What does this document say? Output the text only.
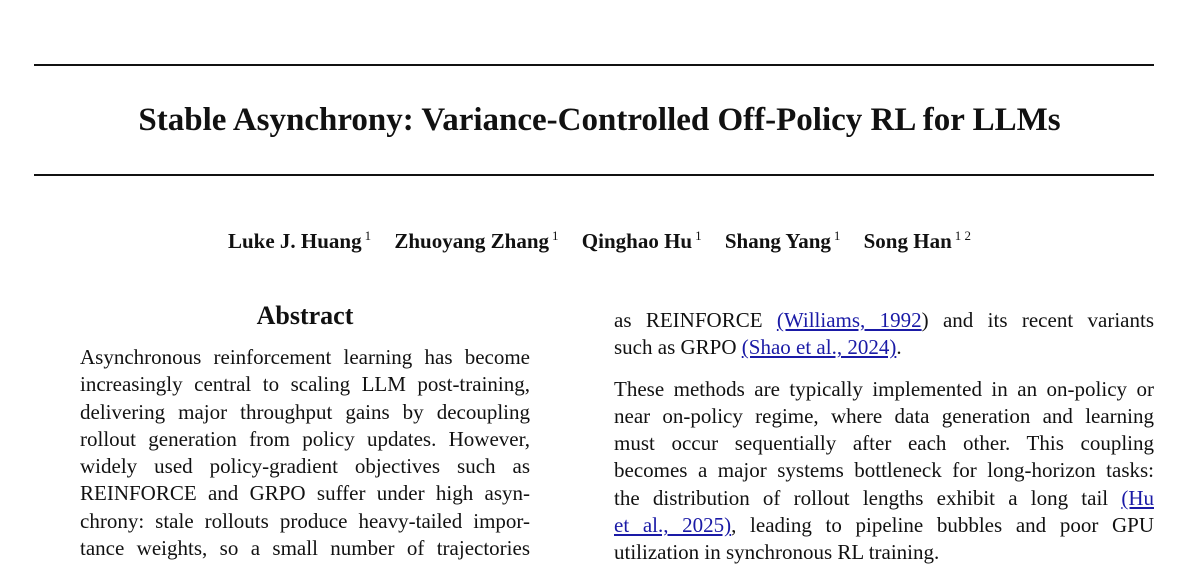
Stable Asynchrony: Variance-Controlled Off-Policy RL for LLMs
Luke J. Huang $^1$ Zhuoyang Zhang $^1$ Qinghao Hu $^1$ Shang Yang $^1$ Song Han $^{1 2}$
Abstract
Asynchronous reinforcement learning has become
increasingly central to scaling LLM post-training,
delivering major throughput gains by decoupling
rollout generation from policy updates. However,
widely used policy-gradient objectives such as
REINFORCE and GRPO suffer under high asyn-
chrony: stale rollouts produce heavy-tailed impor-
tance weights, so a small number of trajectories
as REINFORCE (Williams, 1992) and its recent variants
such as GRPO (Shao et al., 2024).
These methods are typically implemented in an on-policy or
near on-policy regime, where data generation and learning
must occur sequentially after each other. This coupling
becomes a major systems bottleneck for long-horizon tasks:
the distribution of rollout lengths exhibit a long tail (Hu
et al., 2025), leading to pipeline bubbles and poor GPU
utilization in synchronous RL training.
